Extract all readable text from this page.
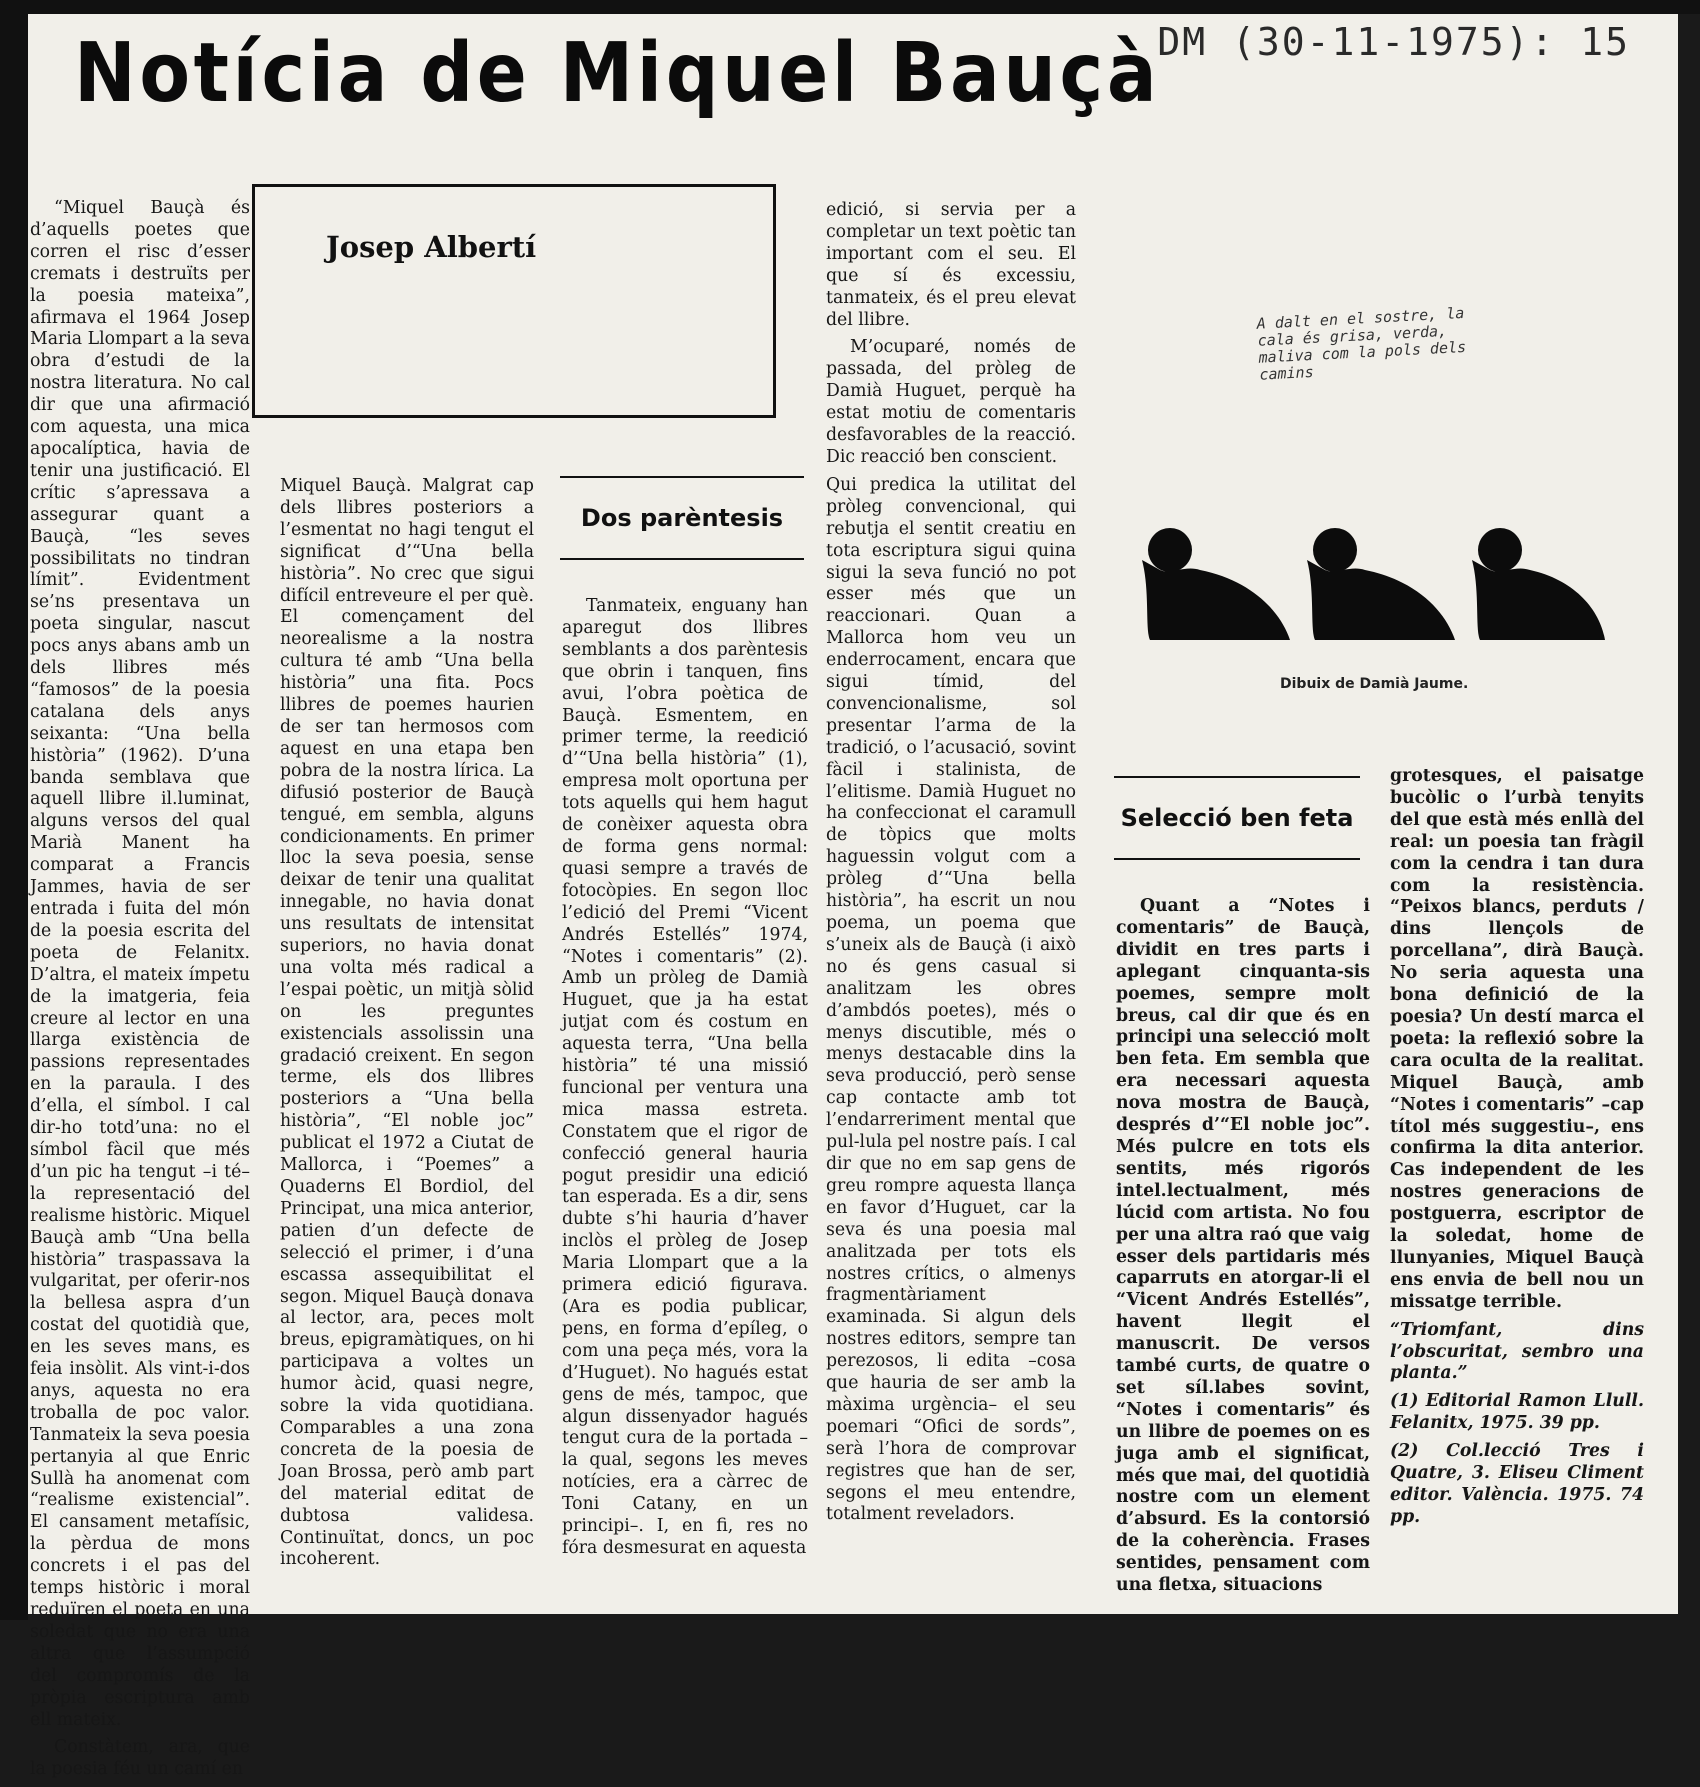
Notícia de Miquel Bauçà
DM (30-11-1975): 15

“Miquel Bauçà és d’aquells poetes que corren el risc d’esser cremats i destruïts per la poesia mateixa”, afirmava el 1964 Josep Maria Llompart a la seva obra d’estudi de la nostra literatura. No cal dir que una afirmació com aquesta, una mica apocalíptica, havia de tenir una justificació. El crític s’apressava a assegurar quant a Bauçà, “les seves possibilitats no tindran límit”. Evidentment se’ns presentava un poeta singular, nascut pocs anys abans amb un dels llibres més “famosos” de la poesia catalana dels anys seixanta: “Una bella història” (1962). D’una banda semblava que aquell llibre il.luminat, alguns versos del qual Marià Manent ha comparat a Francis Jammes, havia de ser entrada i fuita del món de la poesia escrita del poeta de Felanitx. D’altra, el mateix ímpetu de la imatgeria, feia creure al lector en una llarga existència de passions representades en la paraula. I des d’ella, el símbol. I cal dir-ho totd’una: no el símbol fàcil que més d’un pic ha tengut –i té– la representació del realisme històric. Miquel Bauçà amb “Una bella història” traspassava la vulgaritat, per oferir-nos la bellesa aspra d’un costat del quotidià que, en les seves mans, es feia insòlit. Als vint-i-dos anys, aquesta no era troballa de poc valor. Tanmateix la seva poesia pertanyia al que Enric Sullà ha anomenat com “realisme existencial”. El cansament metafísic, la pèrdua de mons concrets i el pas del temps històric i moral reduïren el poeta en una soledat que no era una altra que l’assumpció del compromís de la pròpia escriptura amb ell mateix.

Constàtem, ara, que la poesia féu un camí en

Josep Albertí

Miquel Bauçà. Malgrat cap dels llibres posteriors a l’esmentat no hagi tengut el significat d’“Una bella història”. No crec que sigui difícil entreveure el per què. El començament del neorealisme a la nostra cultura té amb “Una bella història” una fita. Pocs llibres de poemes haurien de ser tan hermosos com aquest en una etapa ben pobra de la nostra lírica. La difusió posterior de Bauçà tengué, em sembla, alguns condicionaments. En primer lloc la seva poesia, sense deixar de tenir una qualitat innegable, no havia donat uns resultats de intensitat superiors, no havia donat una volta més radical a l’espai poètic, un mitjà sòlid on les preguntes existencials assolissin una gradació creixent. En segon terme, els dos llibres posteriors a “Una bella història”, “El noble joc” publicat el 1972 a Ciutat de Mallorca, i “Poemes” a Quaderns El Bordiol, del Principat, una mica anterior, patien d’un defecte de selecció el primer, i d’una escassa assequibilitat el segon. Miquel Bauçà donava al lector, ara, peces molt breus, epigramàtiques, on hi participava a voltes un humor àcid, quasi negre, sobre la vida quotidiana. Comparables a una zona concreta de la poesia de Joan Brossa, però amb part del material editat de dubtosa validesa. Continuïtat, doncs, un poc incoherent.

Dos parèntesis

Tanmateix, enguany han aparegut dos llibres semblants a dos parèntesis que obrin i tanquen, fins avui, l’obra poètica de Bauçà. Esmentem, en primer terme, la reedició d’“Una bella història” (1), empresa molt oportuna per tots aquells qui hem hagut de conèixer aquesta obra de forma gens normal: quasi sempre a través de fotocòpies. En segon lloc l’edició del Premi “Vicent Andrés Estellés” 1974, “Notes i comentaris” (2). Amb un pròleg de Damià Huguet, que ja ha estat jutjat com és costum en aquesta terra, “Una bella història” té una missió funcional per ventura una mica massa estreta. Constatem que el rigor de confecció general hauria pogut presidir una edició tan esperada. Es a dir, sens dubte s’hi hauria d’haver inclòs el pròleg de Josep Maria Llompart que a la primera edició figurava. (Ara es podia publicar, pens, en forma d’epíleg, o com una peça més, vora la d’Huguet). No hagués estat gens de més, tampoc, que algun dissenyador hagués tengut cura de la portada –la qual, segons les meves notícies, era a càrrec de Toni Catany, en un principi–. I, en fi, res no fóra desmesurat en aquesta

edició, si servia per a completar un text poètic tan important com el seu. El que sí és excessiu, tanmateix, és el preu elevat del llibre.

M’ocuparé, només de passada, del pròleg de Damià Huguet, perquè ha estat motiu de comentaris desfavorables de la reacció. Dic reacció ben conscient.

Qui predica la utilitat del pròleg convencional, qui rebutja el sentit creatiu en tota escriptura sigui quina sigui la seva funció no pot esser més que un reaccionari. Quan a Mallorca hom veu un enderrocament, encara que sigui tímid, del convencionalisme, sol presentar l’arma de la tradició, o l’acusació, sovint fàcil i stalinista, de l’elitisme. Damià Huguet no ha confeccionat el caramull de tòpics que molts haguessin volgut com a pròleg d’“Una bella història”, ha escrit un nou poema, un poema que s’uneix als de Bauçà (i això no és gens casual si analitzam les obres d’ambdós poetes), més o menys discutible, més o menys destacable dins la seva producció, però sense cap contacte amb tot l’endarreriment mental que pul-lula pel nostre país. I cal dir que no em sap gens de greu rompre aquesta llança en favor d’Huguet, car la seva és una poesia mal analitzada per tots els nostres crítics, o almenys fragmentàriament examinada. Si algun dels nostres editors, sempre tan perezosos, li edita –cosa que hauria de ser amb la màxima urgència– el seu poemari “Ofici de sords”, serà l’hora de comprovar registres que han de ser, segons el meu entendre, totalment reveladors.

A dalt en el sostre, la cala és grisa, verda, maliva com la pols dels camins
Dibuix de Damià Jaume.
Selecció ben feta

Quant a “Notes i comentaris” de Bauçà, dividit en tres parts i aplegant cinquanta-sis poemes, sempre molt breus, cal dir que és en principi una selecció molt ben feta. Em sembla que era necessari aquesta nova mostra de Bauçà, després d’“El noble joc”. Més pulcre en tots els sentits, més rigorós intel.lectualment, més lúcid com artista. No fou per una altra raó que vaig esser dels partidaris més caparruts en atorgar-li el “Vicent Andrés Estellés”, havent llegit el manuscrit. De versos també curts, de quatre o set síl.labes sovint, “Notes i comentaris” és un llibre de poemes on es juga amb el significat, més que mai, del quotidià nostre com un element d’absurd. Es la contorsió de la coherència. Frases sentides, pensament com una fletxa, situacions

grotesques, el paisatge bucòlic o l’urbà tenyits del que està més enllà del real: un poesia tan fràgil com la cendra i tan dura com la resistència. “Peixos blancs, perduts / dins llençols de porcellana”, dirà Bauçà. No seria aquesta una bona definició de la poesia? Un destí marca el poeta: la reflexió sobre la cara oculta de la realitat. Miquel Bauçà, amb “Notes i comentaris” –cap títol més suggestiu–, ens confirma la dita anterior. Cas independent de les nostres generacions de postguerra, escriptor de la soledat, home de llunyanies, Miquel Bauçà ens envia de bell nou un missatge terrible.

“Triomfant, dins l’obscuritat, sembro una planta.”

(1) Editorial Ramon Llull. Felanitx, 1975. 39 pp.

(2) Col.lecció Tres i Quatre, 3. Eliseu Climent editor. València. 1975. 74 pp.
